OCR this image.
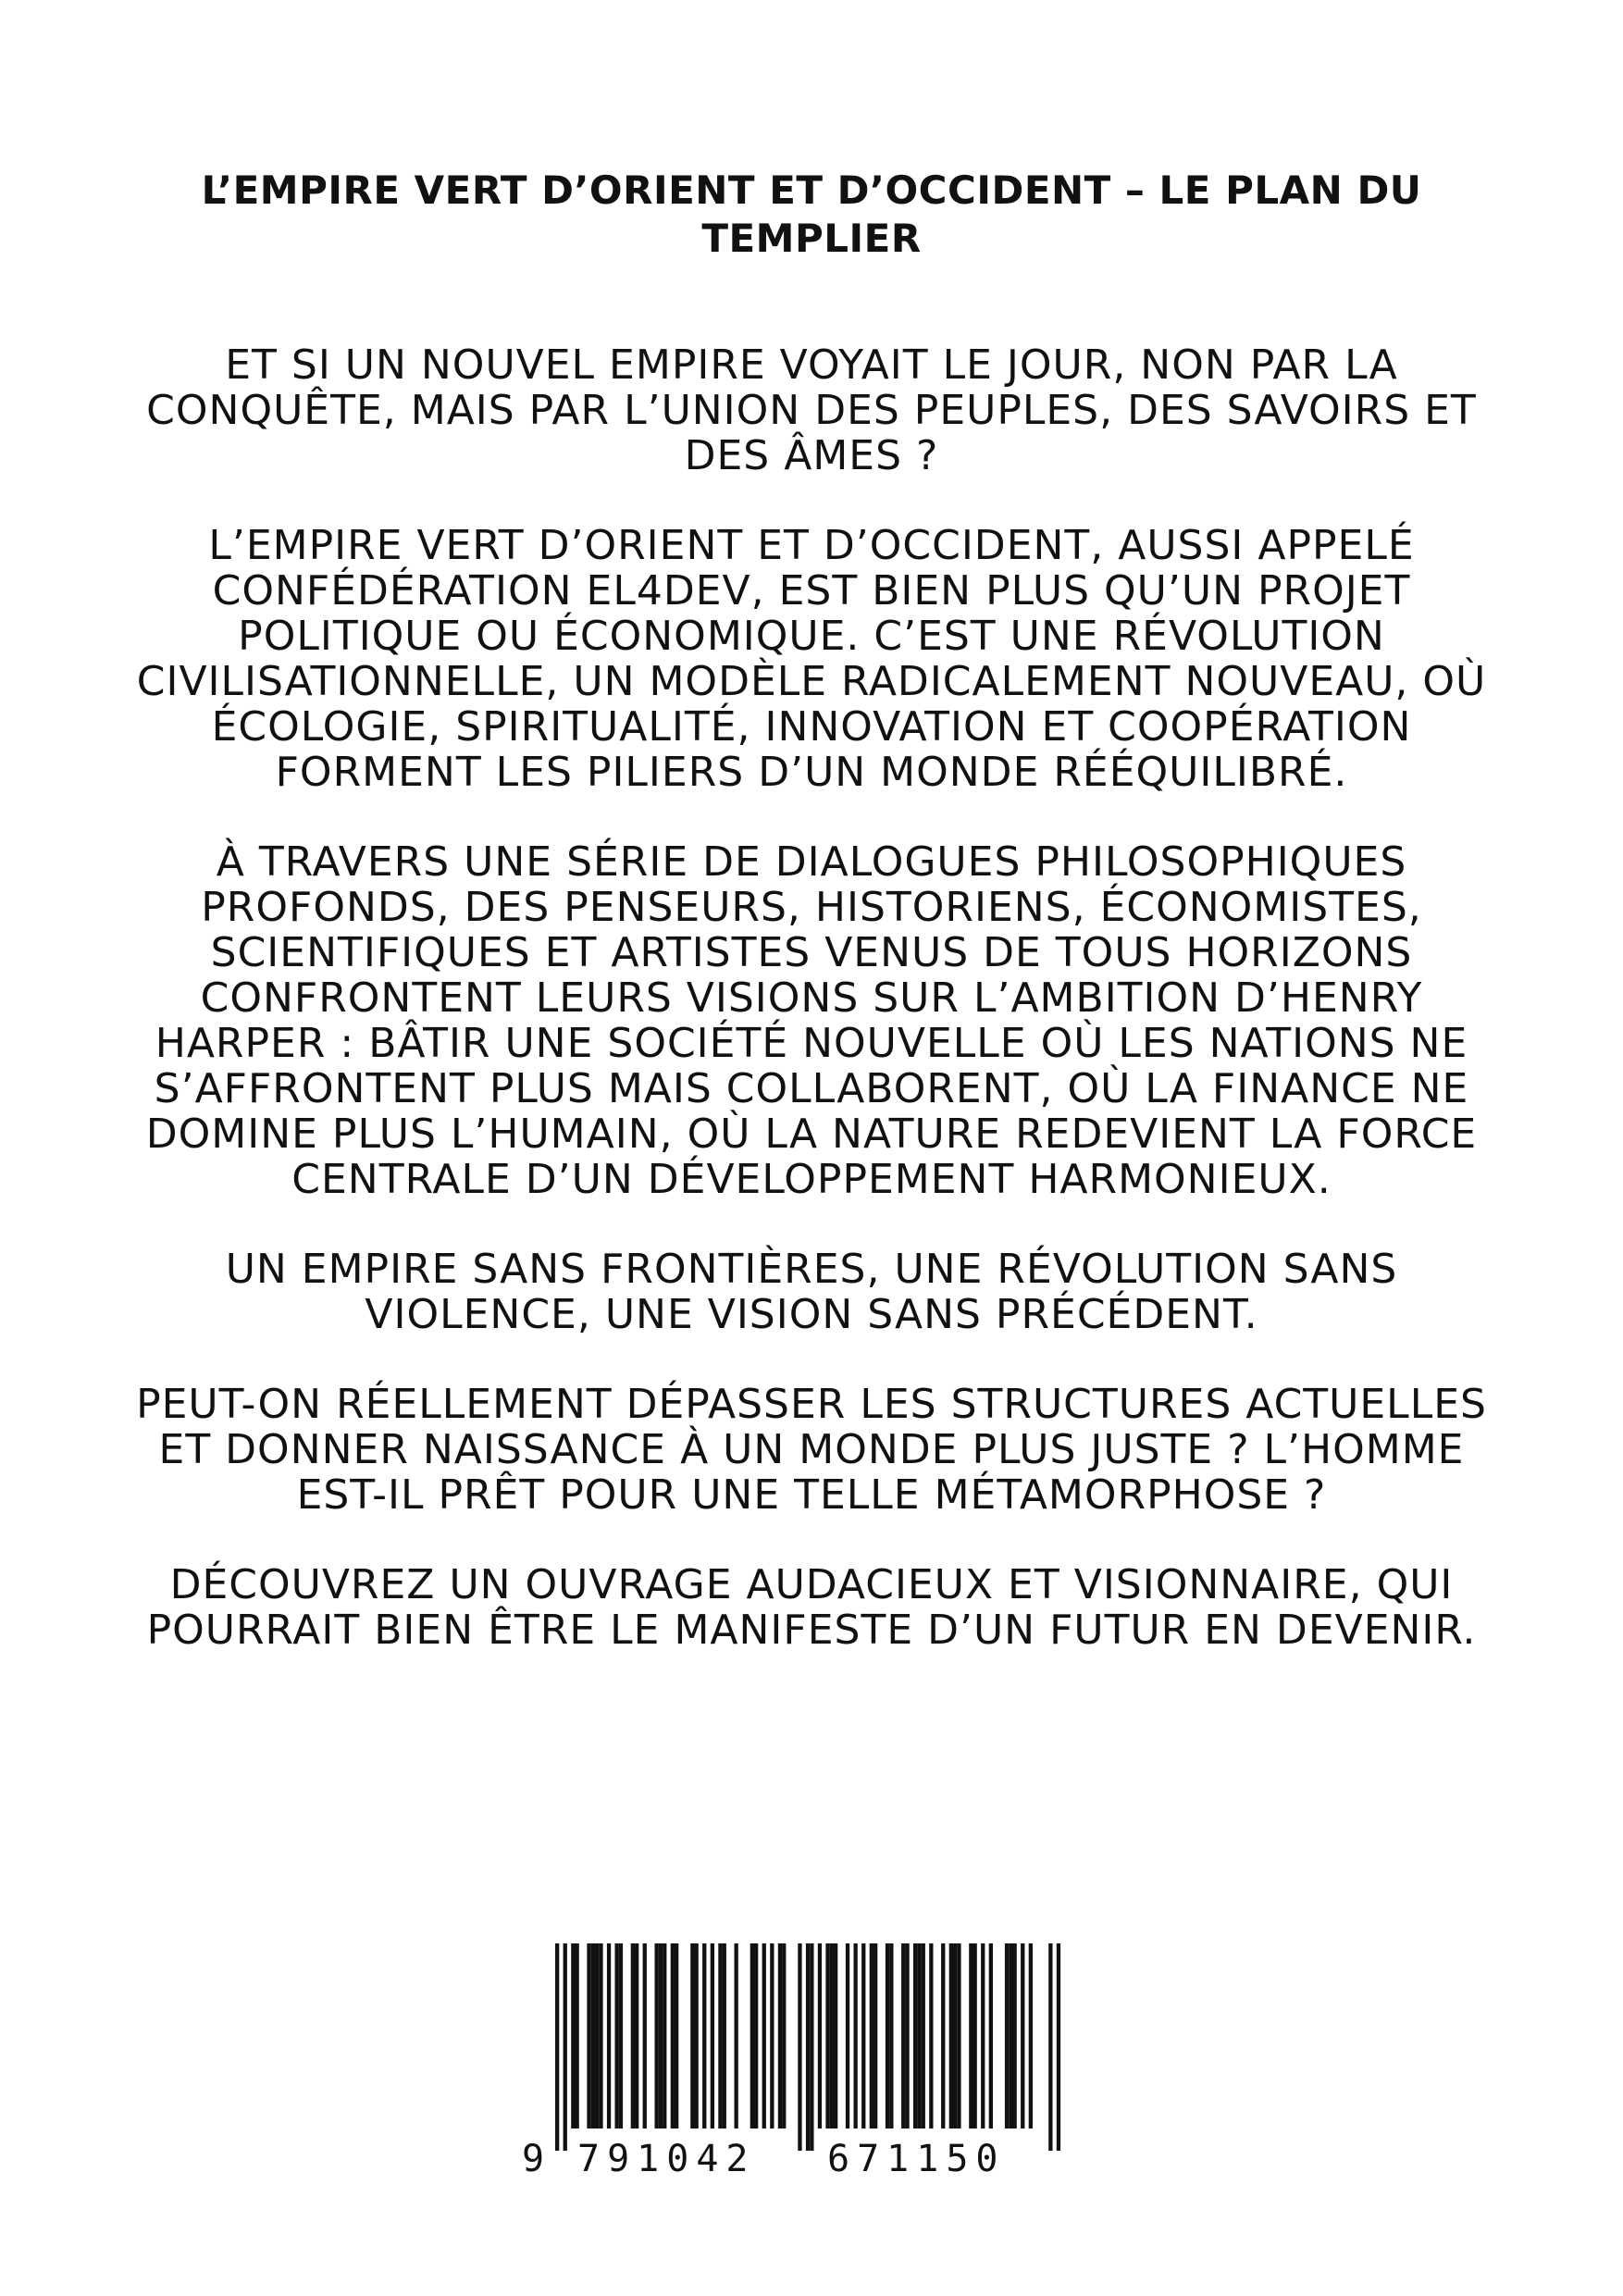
L’EMPIRE VERT D’ORIENT ET D’OCCIDENT – LE PLAN DU TEMPLIER

ET SI UN NOUVEL EMPIRE VOYAIT LE JOUR, NON PAR LA CONQUÊTE, MAIS PAR L’UNION DES PEUPLES, DES SAVOIRS ET DES ÂMES ?

L’EMPIRE VERT D’ORIENT ET D’OCCIDENT, AUSSI APPELÉ CONFÉDÉRATION EL4DEV, EST BIEN PLUS QU’UN PROJET POLITIQUE OU ÉCONOMIQUE. C’EST UNE RÉVOLUTION CIVILISATIONNELLE, UN MODÈLE RADICALEMENT NOUVEAU, OÙ ÉCOLOGIE, SPIRITUALITÉ, INNOVATION ET COOPÉRATION FORMENT LES PILIERS D’UN MONDE RÉÉQUILIBRÉ.

À TRAVERS UNE SÉRIE DE DIALOGUES PHILOSOPHIQUES PROFONDS, DES PENSEURS, HISTORIENS, ÉCONOMISTES, SCIENTIFIQUES ET ARTISTES VENUS DE TOUS HORIZONS CONFRONTENT LEURS VISIONS SUR L’AMBITION D’HENRY HARPER : BÂTIR UNE SOCIÉTÉ NOUVELLE OÙ LES NATIONS NE S’AFFRONTENT PLUS MAIS COLLABORENT, OÙ LA FINANCE NE DOMINE PLUS L’HUMAIN, OÙ LA NATURE REDEVIENT LA FORCE CENTRALE D’UN DÉVELOPPEMENT HARMONIEUX.

UN EMPIRE SANS FRONTIÈRES, UNE RÉVOLUTION SANS VIOLENCE, UNE VISION SANS PRÉCÉDENT.

PEUT-ON RÉELLEMENT DÉPASSER LES STRUCTURES ACTUELLES ET DONNER NAISSANCE À UN MONDE PLUS JUSTE ? L’HOMME EST-IL PRÊT POUR UNE TELLE MÉTAMORPHOSE ?

DÉCOUVREZ UN OUVRAGE AUDACIEUX ET VISIONNAIRE, QUI POURRAIT BIEN ÊTRE LE MANIFESTE D’UN FUTUR EN DEVENIR.

9 791042 671150
